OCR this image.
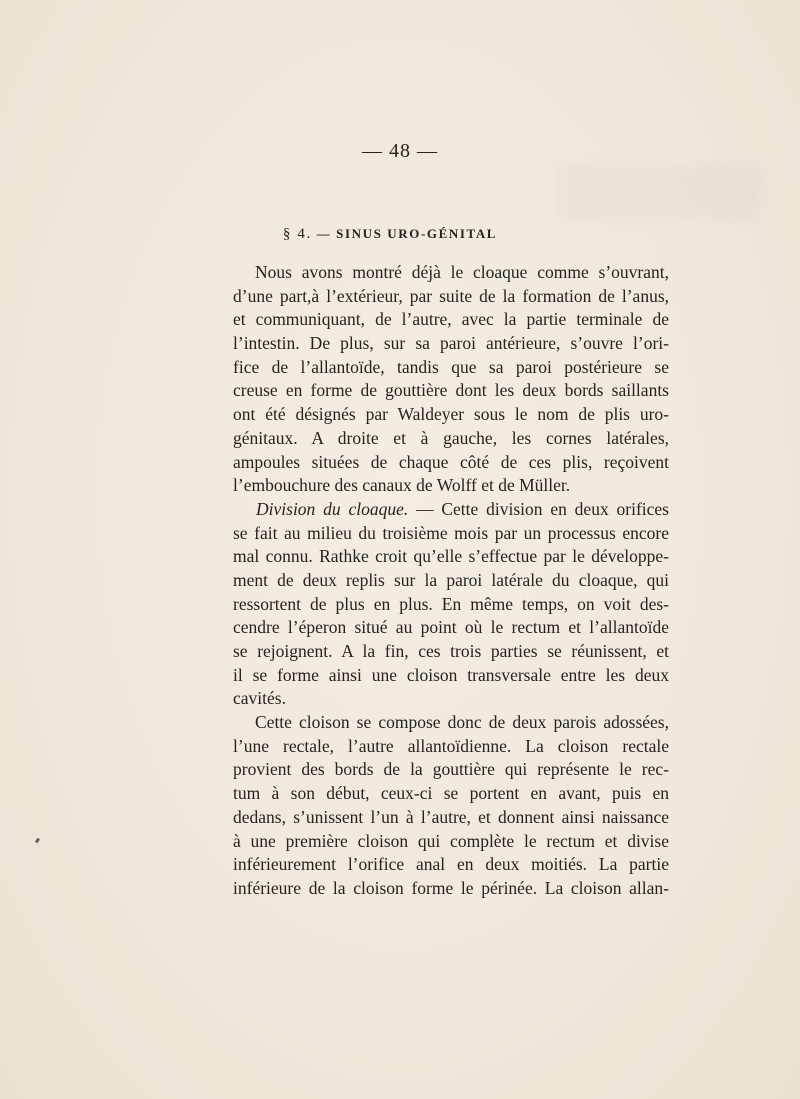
— 48 —
§ 4. — SINUS URO-GÉNITAL
Nous avons montré déjà le cloaque comme s’ouvrant,
d’une part,à l’extérieur, par suite de la formation de l’anus,
et communiquant, de l’autre, avec la partie terminale de
l’intestin. De plus, sur sa paroi antérieure, s’ouvre l’ori-
fice de l’allantoïde, tandis que sa paroi postérieure se
creuse en forme de gouttière dont les deux bords saillants
ont été désignés par Waldeyer sous le nom de plis uro-
génitaux. A droite et à gauche, les cornes latérales,
ampoules situées de chaque côté de ces plis, reçoivent
l’embouchure des canaux de Wolff et de Müller.
Division du cloaque. — Cette division en deux orifices
se fait au milieu du troisième mois par un processus encore
mal connu. Rathke croit qu’elle s’effectue par le développe-
ment de deux replis sur la paroi latérale du cloaque, qui
ressortent de plus en plus. En même temps, on voit des-
cendre l’éperon situé au point où le rectum et l’allantoïde
se rejoignent. A la fin, ces trois parties se réunissent, et
il se forme ainsi une cloison transversale entre les deux
cavités.
Cette cloison se compose donc de deux parois adossées,
l’une rectale, l’autre allantoïdienne. La cloison rectale
provient des bords de la gouttière qui représente le rec-
tum à son début, ceux-ci se portent en avant, puis en
dedans, s’unissent l’un à l’autre, et donnent ainsi naissance
à une première cloison qui complète le rectum et divise
inférieurement l’orifice anal en deux moitiés. La partie
inférieure de la cloison forme le périnée. La cloison allan-
